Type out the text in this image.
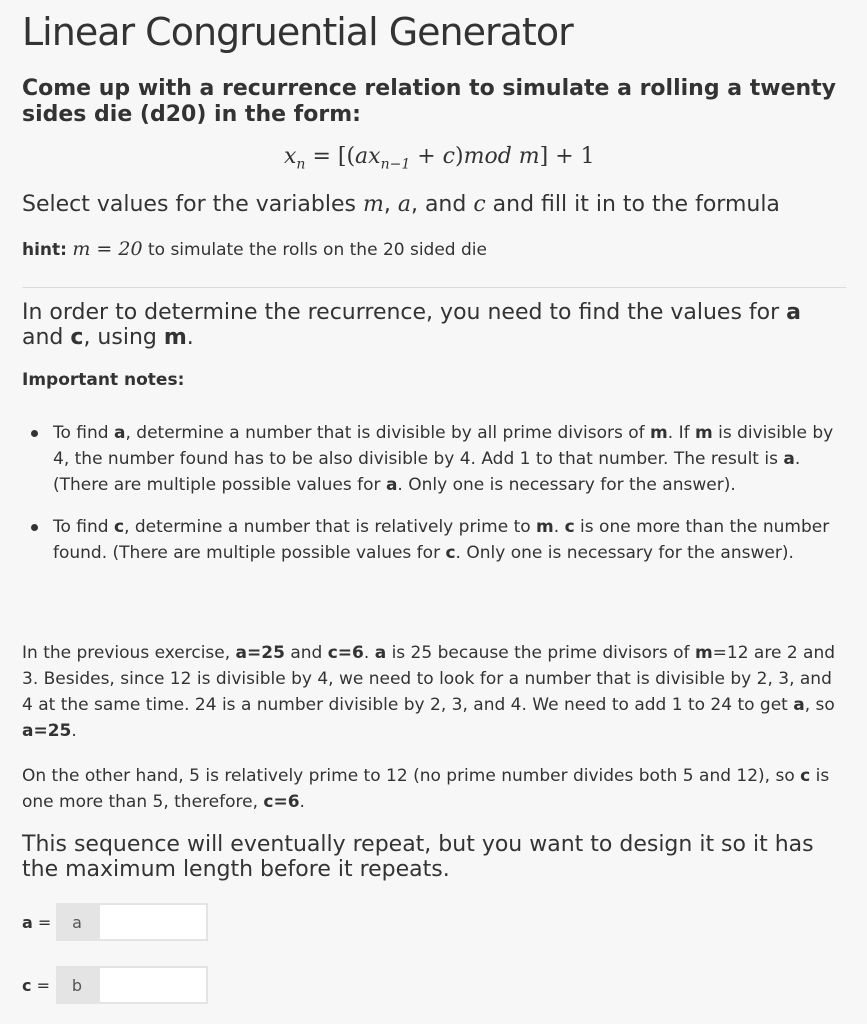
Linear Congruential Generator

Come up with a recurrence relation to simulate a rolling a twenty sides die (d20) in the form:

$x_n = [(ax_{n-1} + c)mod$ m] + 1

Select values for the variables m, a, and c and fill it in to the formula

hint: m = 20 to simulate the rolls on the 20 sided die

In order to determine the recurrence, you need to find the values for a
and c, using m.

Important notes:

To find a, determine a number that is divisible by all prime divisors of m. If m is divisible by 4, the number found has to be also divisible by 4. Add 1 to that number. The result is a.(There are multiple possible values for a. Only one is necessary for the answer).
To find c, determine a number that is relatively prime to m. c is one more than the number found. (There are multiple possible values for c. Only one is necessary for the answer).

In the previous exercise, a=25 and c=6. a is 25 because the prime divisors of m=12 are 2 and 3. Besides, since 12 is divisible by 4, we need to look for a number that is divisible by 2, 3, and 4 at the same time. 24 is a number divisible by 2, 3, and 4. We need to add 1 to 24 to get a, so a=25.

On the other hand, 5 is relatively prime to 12 (no prime number divides both 5 and 12), so c is one more than 5, therefore, c=6.

This sequence will eventually repeat, but you want to design it so it has the maximum length before it repeats.

a =	a
c =	b
